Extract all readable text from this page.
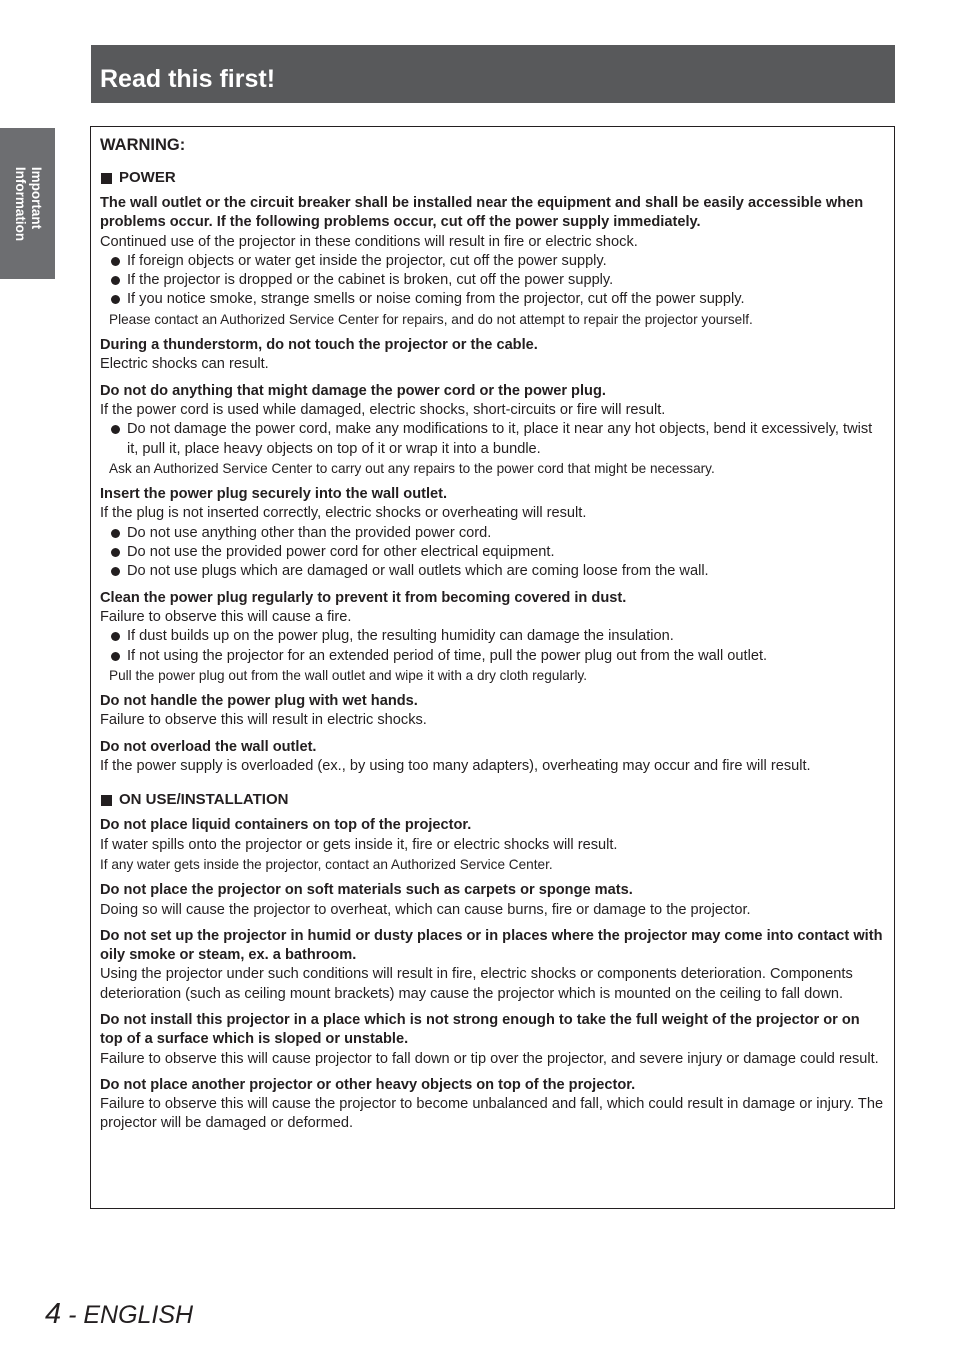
Read this first!
Important
Information

WARNING:

POWER

The wall outlet or the circuit breaker shall be installed near the equipment and shall be easily accessible when problems occur. If the following problems occur, cut off the power supply immediately.

Continued use of the projector in these conditions will result in fire or electric shock.

If foreign objects or water get inside the projector, cut off the power supply.
If the projector is dropped or the cabinet is broken, cut off the power supply.
If you notice smoke, strange smells or noise coming from the projector, cut off the power supply.

Please contact an Authorized Service Center for repairs, and do not attempt to repair the projector yourself.

During a thunderstorm, do not touch the projector or the cable.

Electric shocks can result.

Do not do anything that might damage the power cord or the power plug.

If the power cord is used while damaged, electric shocks, short-circuits or fire will result.

Do not damage the power cord, make any modifications to it, place it near any hot objects, bend it excessively, twist it, pull it, place heavy objects on top of it or wrap it into a bundle.

Ask an Authorized Service Center to carry out any repairs to the power cord that might be necessary.

Insert the power plug securely into the wall outlet.

If the plug is not inserted correctly, electric shocks or overheating will result.

Do not use anything other than the provided power cord.
Do not use the provided power cord for other electrical equipment.
Do not use plugs which are damaged or wall outlets which are coming loose from the wall.

Clean the power plug regularly to prevent it from becoming covered in dust.

Failure to observe this will cause a fire.

If dust builds up on the power plug, the resulting humidity can damage the insulation.
If not using the projector for an extended period of time, pull the power plug out from the wall outlet.

Pull the power plug out from the wall outlet and wipe it with a dry cloth regularly.

Do not handle the power plug with wet hands.

Failure to observe this will result in electric shocks.

Do not overload the wall outlet.

If the power supply is overloaded (ex., by using too many adapters), overheating may occur and fire will result.

ON USE/INSTALLATION

Do not place liquid containers on top of the projector.

If water spills onto the projector or gets inside it, fire or electric shocks will result.

If any water gets inside the projector, contact an Authorized Service Center.

Do not place the projector on soft materials such as carpets or sponge mats.

Doing so will cause the projector to overheat, which can cause burns, fire or damage to the projector.

Do not set up the projector in humid or dusty places or in places where the projector may come into contact with oily smoke or steam, ex. a bathroom.

Using the projector under such conditions will result in fire, electric shocks or components deterioration. Components deterioration (such as ceiling mount brackets) may cause the projector which is mounted on the ceiling to fall down.

Do not install this projector in a place which is not strong enough to take the full weight of the projector or on top of a surface which is sloped or unstable.

Failure to observe this will cause projector to fall down or tip over the projector, and severe injury or damage could result.

Do not place another projector or other heavy objects on top of the projector.

Failure to observe this will cause the projector to become unbalanced and fall, which could result in damage or injury. The projector will be damaged or deformed.

4 - ENGLISH
